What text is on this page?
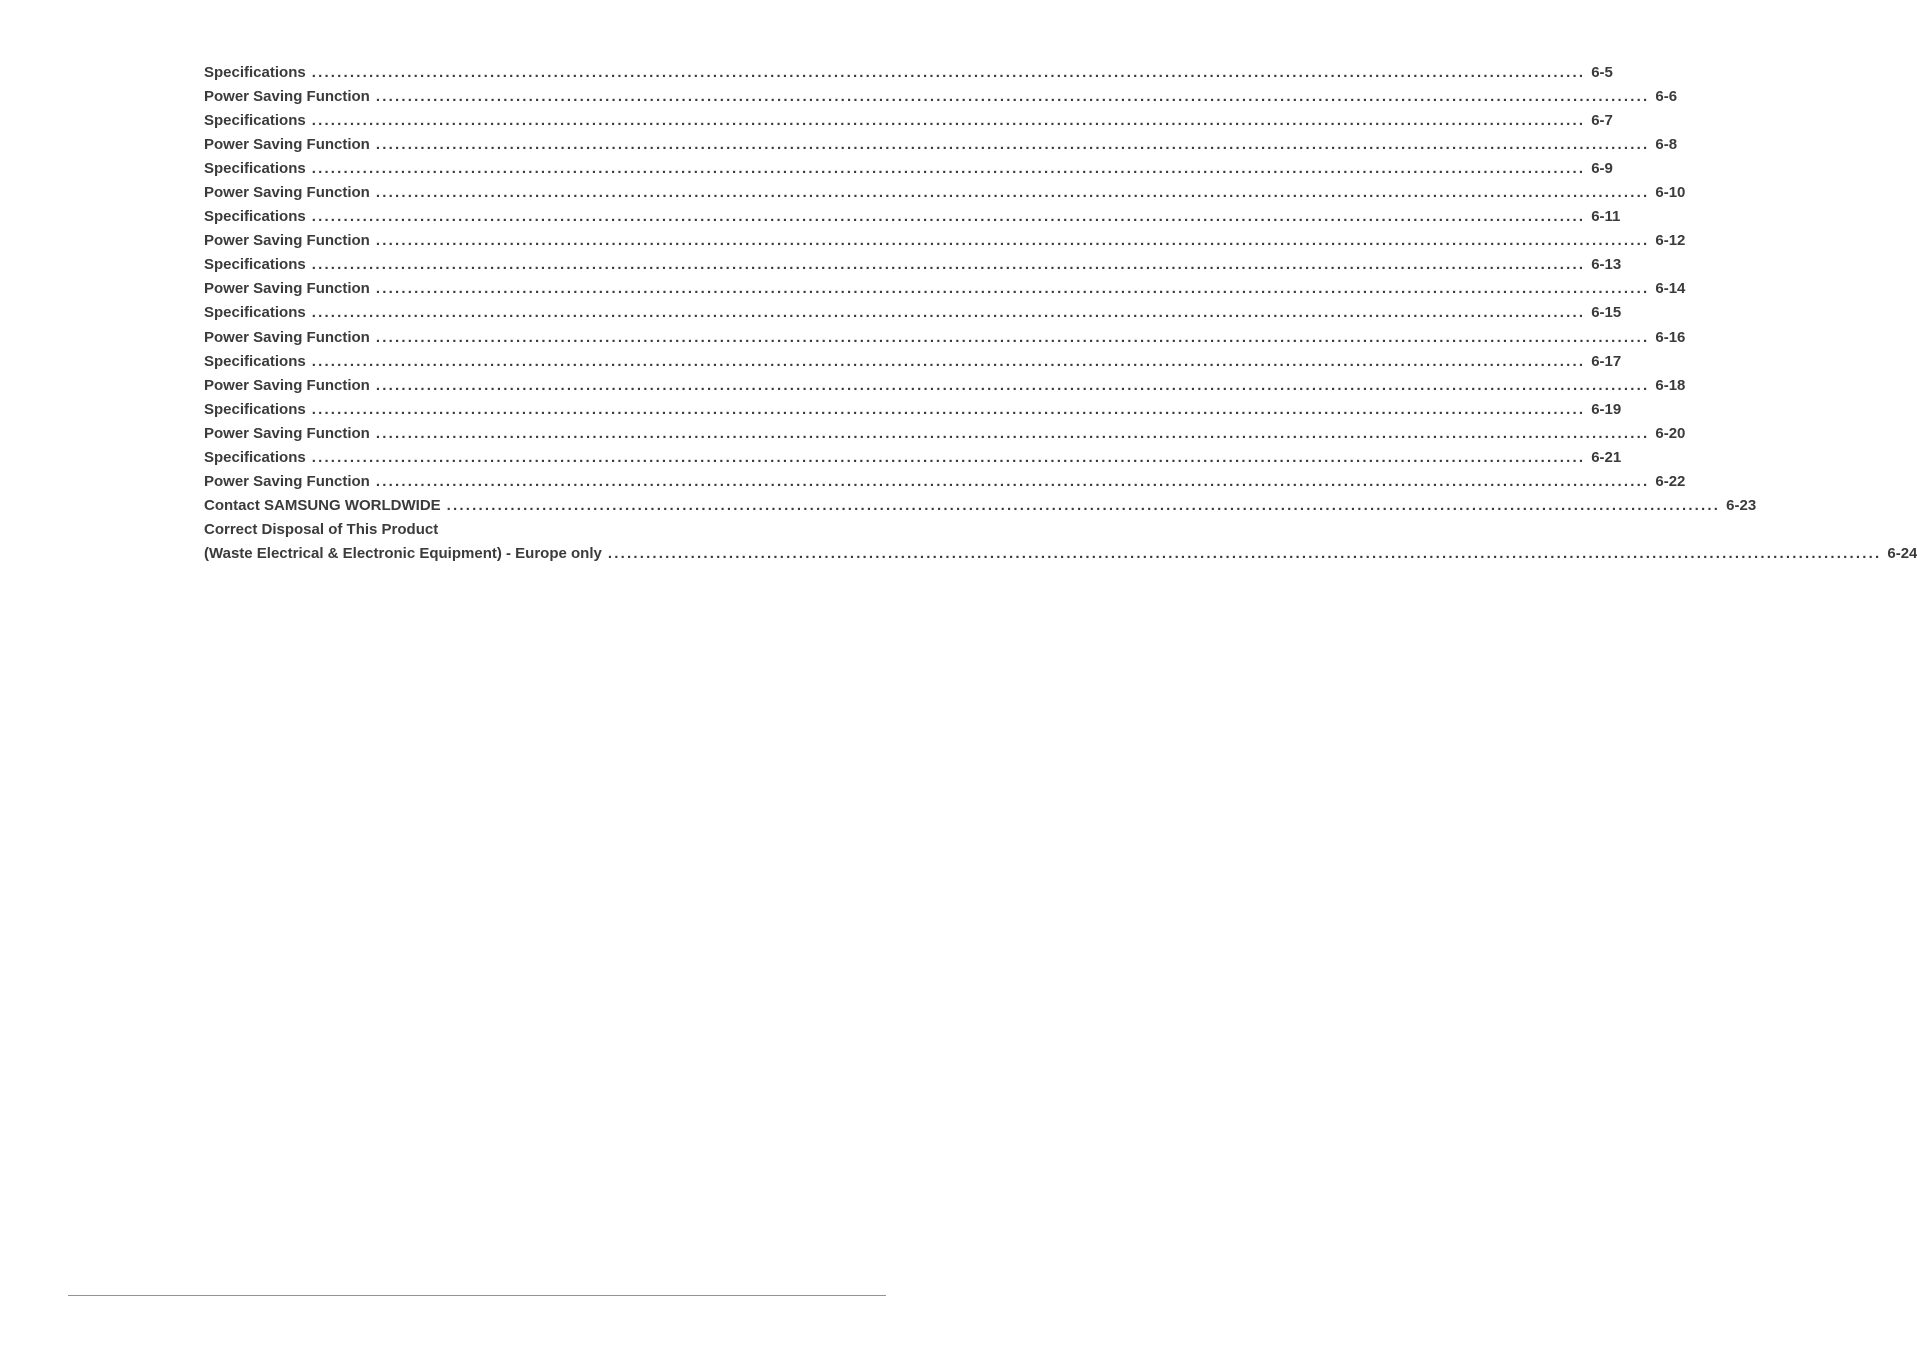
Specifications ........................................................................................................................................................................................................ 6-5
Power Saving Function ........................................................................................................................................................................................................ 6-6
Specifications ........................................................................................................................................................................................................ 6-7
Power Saving Function ........................................................................................................................................................................................................ 6-8
Specifications ........................................................................................................................................................................................................ 6-9
Power Saving Function ........................................................................................................................................................................................................ 6-10
Specifications ........................................................................................................................................................................................................ 6-11
Power Saving Function ........................................................................................................................................................................................................ 6-12
Specifications ........................................................................................................................................................................................................ 6-13
Power Saving Function ........................................................................................................................................................................................................ 6-14
Specifications ........................................................................................................................................................................................................ 6-15
Power Saving Function ........................................................................................................................................................................................................ 6-16
Specifications ........................................................................................................................................................................................................ 6-17
Power Saving Function ........................................................................................................................................................................................................ 6-18
Specifications ........................................................................................................................................................................................................ 6-19
Power Saving Function ........................................................................................................................................................................................................ 6-20
Specifications ........................................................................................................................................................................................................ 6-21
Power Saving Function ........................................................................................................................................................................................................ 6-22
Contact SAMSUNG WORLDWIDE ........................................................................................................................................................................................................ 6-23
Correct Disposal of This Product
(Waste Electrical & Electronic Equipment) - Europe only ........................................................................................................................................................................................................ 6-24
